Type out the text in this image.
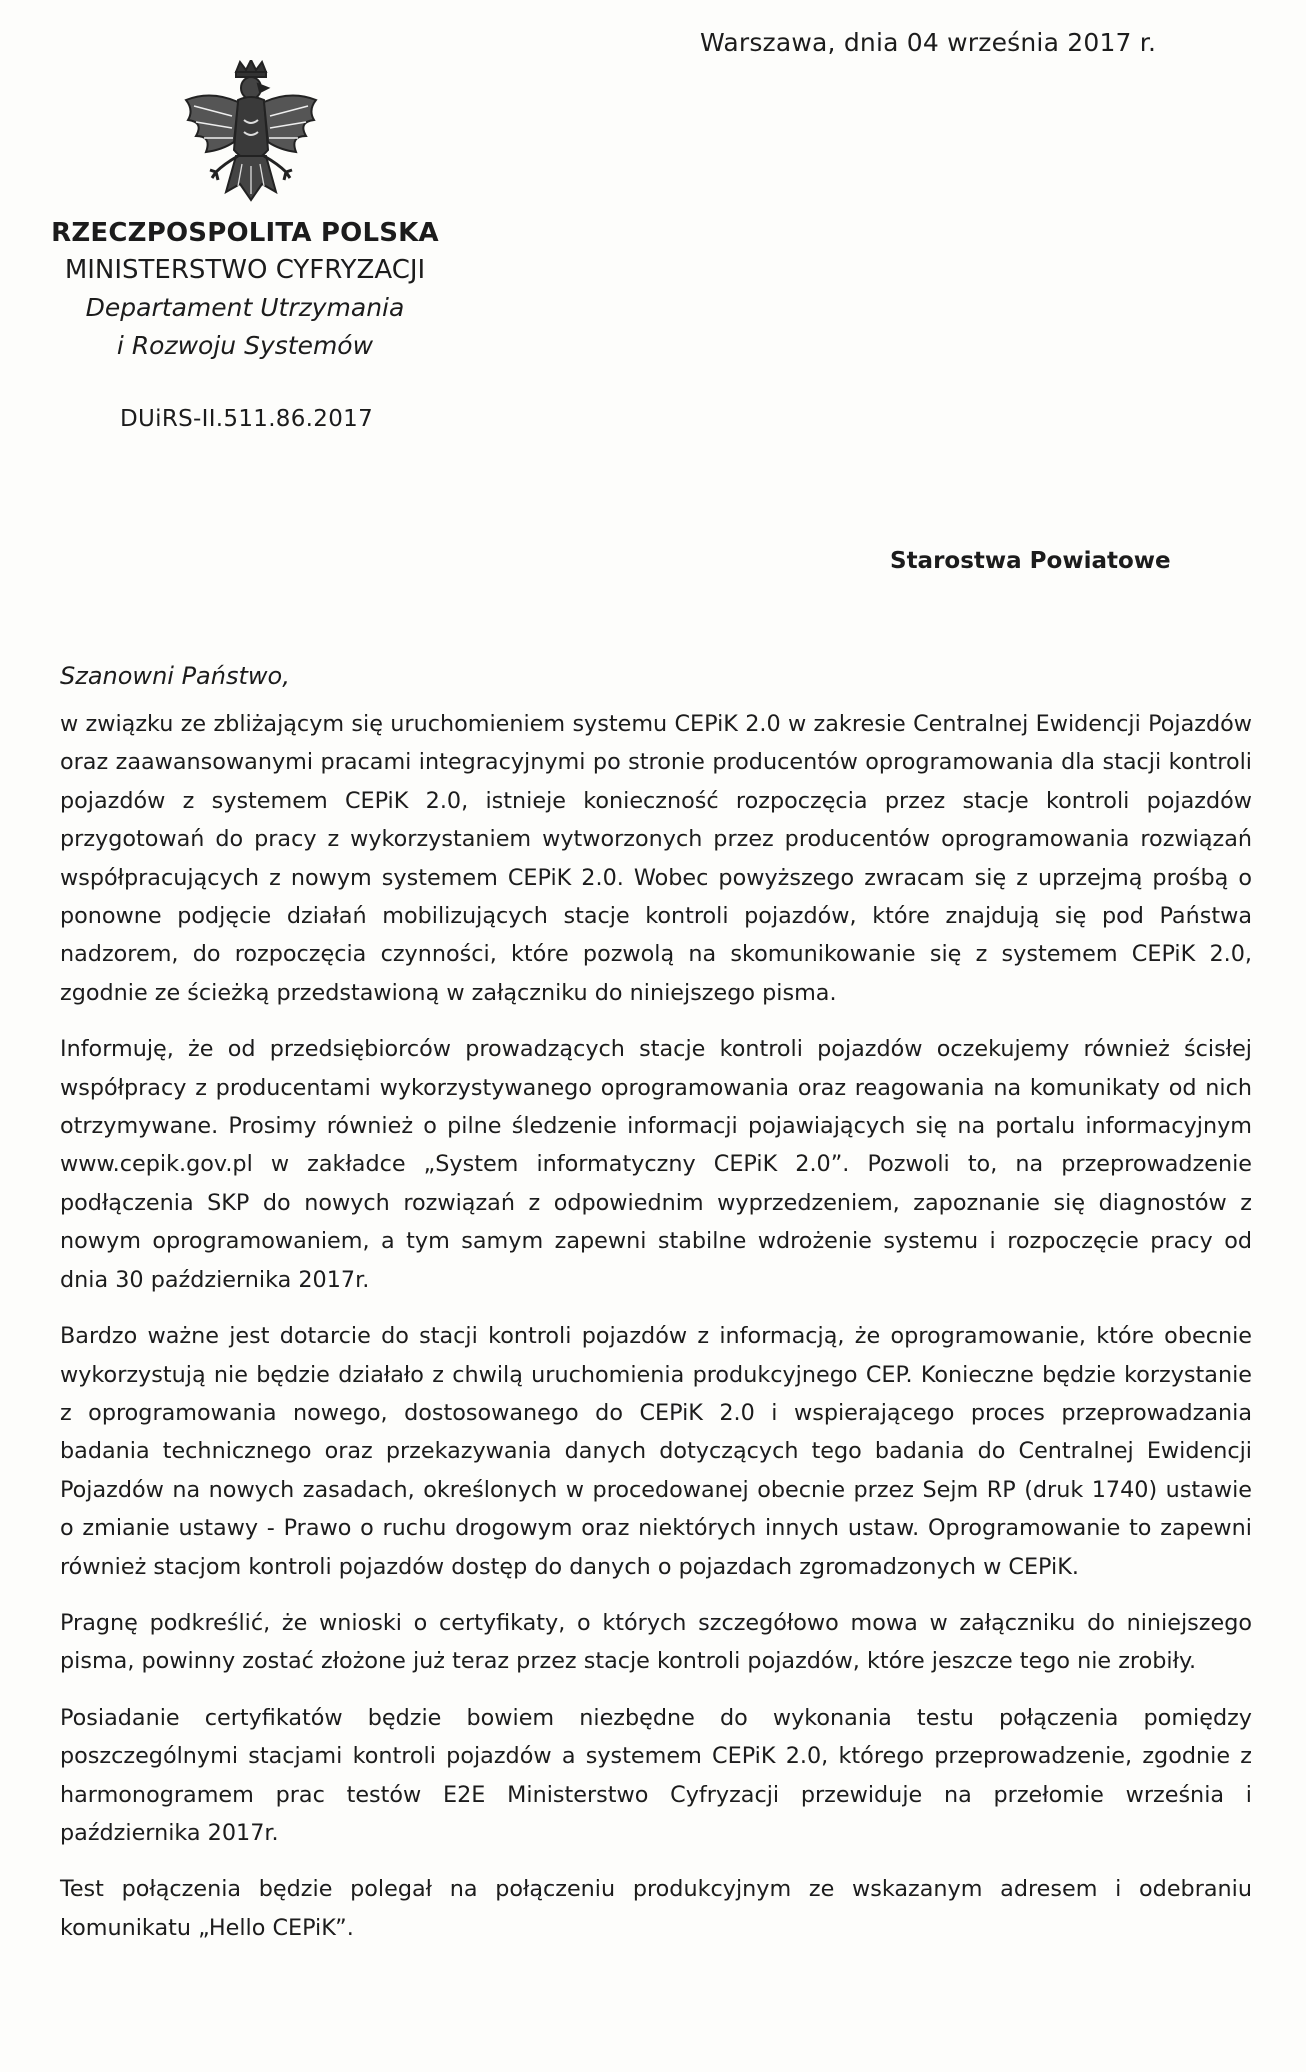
Warszawa, dnia 04 września 2017 r.
RZECZPOSPOLITA POLSKA
MINISTERSTWO CYFRYZACJI
Departament Utrzymania
i Rozwoju Systemów
DUiRS-II.511.86.2017
Starostwa Powiatowe
Szanowni Państwo,

w związku ze zbliżającym się uruchomieniem systemu CEPiK 2.0 w zakresie Centralnej Ewidencji Pojazdów oraz zaawansowanymi pracami integracyjnymi po stronie producentów oprogramowania dla stacji kontroli pojazdów z systemem CEPiK 2.0, istnieje konieczność rozpoczęcia przez stacje kontroli pojazdów przygotowań do pracy z wykorzystaniem wytworzonych przez producentów oprogramowania rozwiązań współpracujących z nowym systemem CEPiK 2.0. Wobec powyższego zwracam się z uprzejmą prośbą o ponowne podjęcie działań mobilizujących stacje kontroli pojazdów, które znajdują się pod Państwa nadzorem, do rozpoczęcia czynności, które pozwolą na skomunikowanie się z systemem CEPiK 2.0, zgodnie ze ścieżką przedstawioną w załączniku do niniejszego pisma.

Informuję, że od przedsiębiorców prowadzących stacje kontroli pojazdów oczekujemy również ścisłej współpracy z producentami wykorzystywanego oprogramowania oraz reagowania na komunikaty od nich otrzymywane. Prosimy również o pilne śledzenie informacji pojawiających się na portalu informacyjnym www.cepik.gov.pl w zakładce „System informatyczny CEPiK 2.0”. Pozwoli to, na przeprowadzenie podłączenia SKP do nowych rozwiązań z odpowiednim wyprzedzeniem, zapoznanie się diagnostów z nowym oprogramowaniem, a tym samym zapewni stabilne wdrożenie systemu i rozpoczęcie pracy od dnia 30 października 2017r.

Bardzo ważne jest dotarcie do stacji kontroli pojazdów z informacją, że oprogramowanie, które obecnie wykorzystują nie będzie działało z chwilą uruchomienia produkcyjnego CEP. Konieczne będzie korzystanie z oprogramowania nowego, dostosowanego do CEPiK 2.0 i wspierającego proces przeprowadzania badania technicznego oraz przekazywania danych dotyczących tego badania do Centralnej Ewidencji Pojazdów na nowych zasadach, określonych w procedowanej obecnie przez Sejm RP (druk 1740) ustawie o zmianie ustawy - Prawo o ruchu drogowym oraz niektórych innych ustaw. Oprogramowanie to zapewni również stacjom kontroli pojazdów dostęp do danych o pojazdach zgromadzonych w CEPiK.

Pragnę podkreślić, że wnioski o certyfikaty, o których szczegółowo mowa w załączniku do niniejszego pisma, powinny zostać złożone już teraz przez stacje kontroli pojazdów, które jeszcze tego nie zrobiły.

Posiadanie certyfikatów będzie bowiem niezbędne do wykonania testu połączenia pomiędzy poszczególnymi stacjami kontroli pojazdów a systemem CEPiK 2.0, którego przeprowadzenie, zgodnie z harmonogramem prac testów E2E Ministerstwo Cyfryzacji przewiduje na przełomie września i października 2017r.

Test połączenia będzie polegał na połączeniu produkcyjnym ze wskazanym adresem i odebraniu komunikatu „Hello CEPiK”.
